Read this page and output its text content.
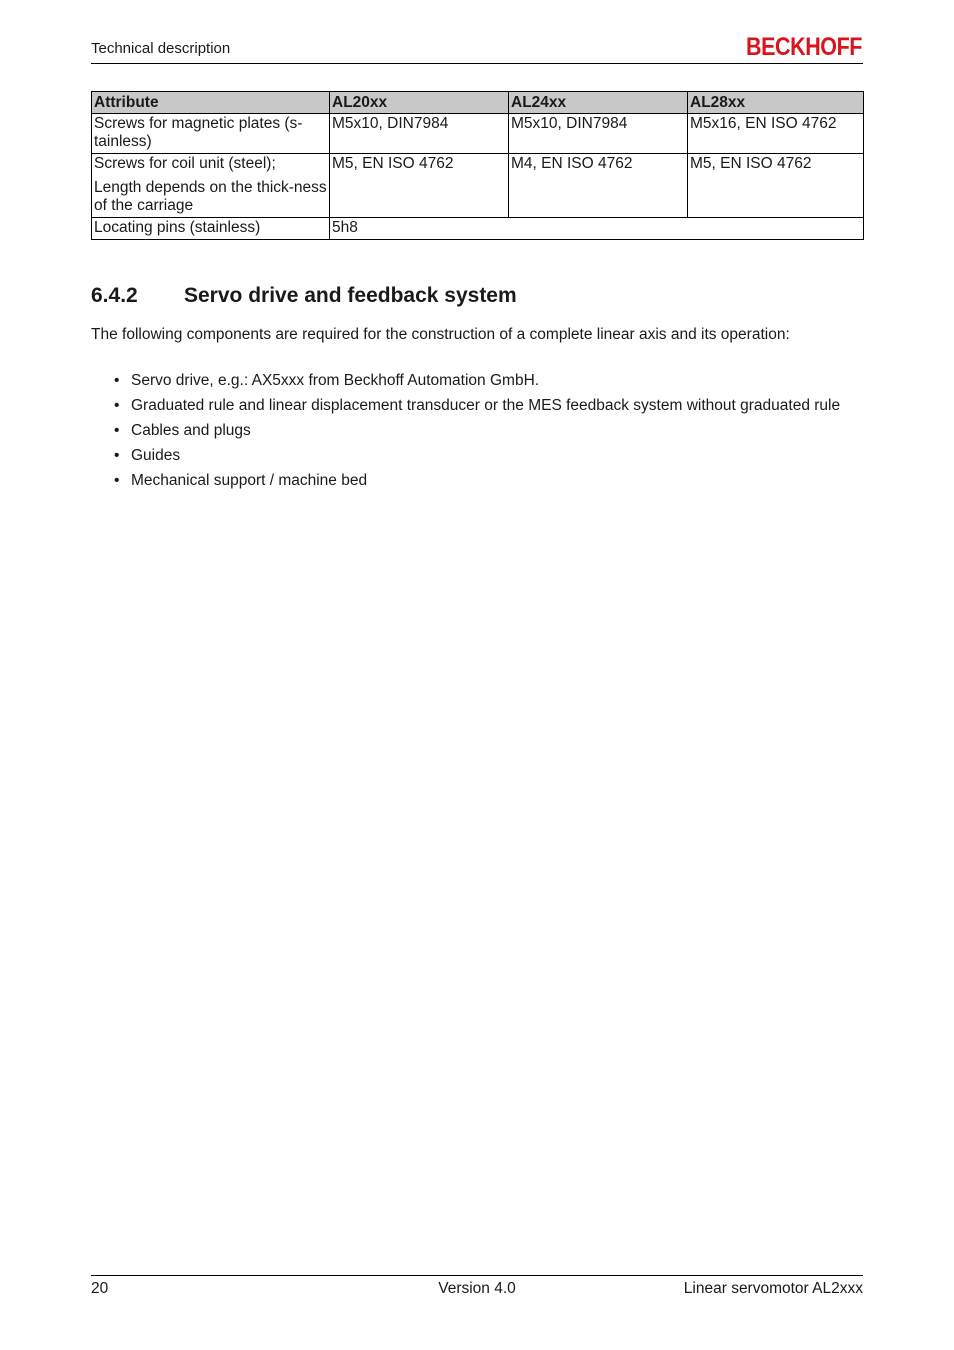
Technical description	BECKHOFF
Attribute	AL20xx	AL24xx	AL28xx
Screws for magnetic plates (s-tainless)	M5x10, DIN7984	M5x10, DIN7984	M5x16, EN ISO 4762
Screws for coil unit (steel);
Length depends on the thick-ness of the carriage	M5, EN ISO 4762	M4, EN ISO 4762	M5, EN ISO 4762
Locating pins (stainless)	5h8		
6.4.2 Servo drive and feedback system
The following components are required for the construction of a complete linear axis and its operation:
• Servo drive, e.g.: AX5xxx from Beckhoff Automation GmbH.
• Graduated rule and linear displacement transducer or the MES feedback system without graduated rule
• Cables and plugs
• Guides
• Mechanical support / machine bed
20	Version 4.0	Linear servomotor AL2xxx
